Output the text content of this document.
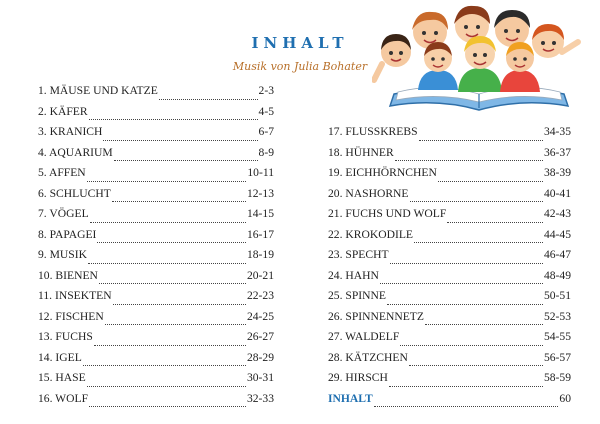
INHALT
Musik von Julia Bohater
1. MÄUSE UND KATZE	2-3
2. KÄFER	4-5
3. KRANICH	6-7
4. AQUARIUM	8-9
5. AFFEN	10-11
6. SCHLUCHT	12-13
7. VÖGEL	14-15
8. PAPAGEI	16-17
9. MUSIK	18-19
10. BIENEN	20-21
11. INSEKTEN	22-23
12. FISCHEN	24-25
13. FUCHS	26-27
14. IGEL	28-29
15. HASE	30-31
16. WOLF	32-33
17. FLUSSKREBS	34-35
18. HÜHNER	36-37
19. EICHHÖRNCHEN	38-39
20. NASHORNE	40-41
21. FUCHS UND WOLF	42-43
22. KROKODILE	44-45
23. SPECHT	46-47
24. HAHN	48-49
25. SPINNE	50-51
26. SPINNENNETZ	52-53
27. WALDELF	54-55
28. KÄTZCHEN	56-57
29. HIRSCH	58-59
INHALT	60
